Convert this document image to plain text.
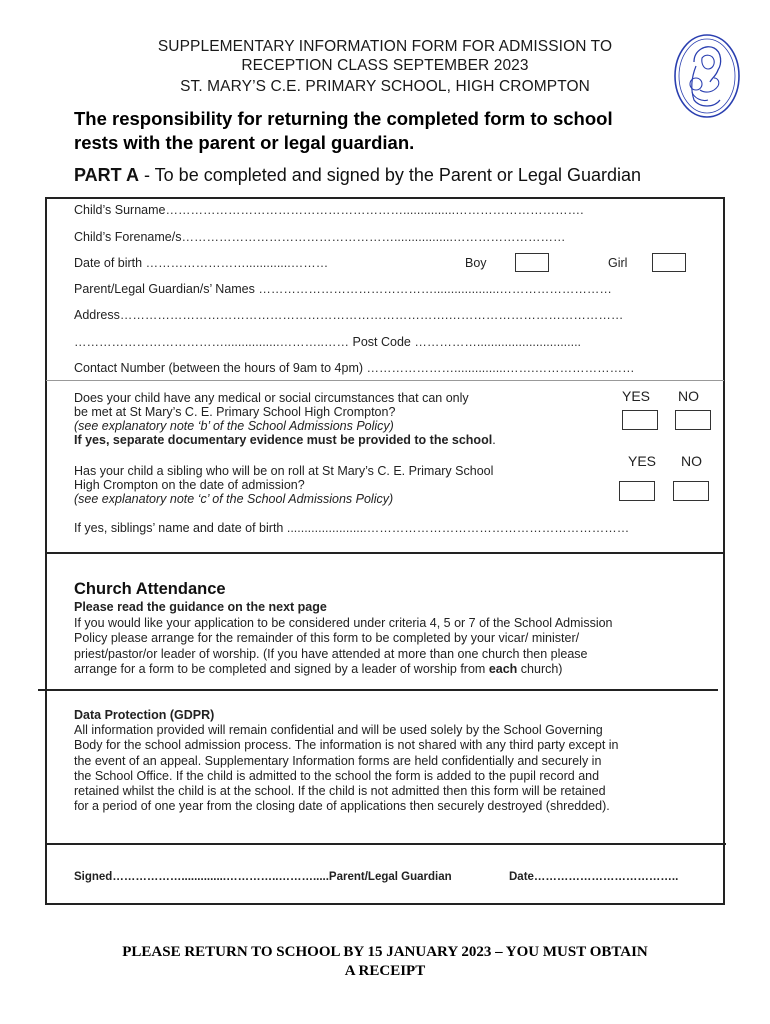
SUPPLEMENTARY INFORMATION FORM FOR ADMISSION TO
RECEPTION CLASS SEPTEMBER 2023
ST. MARY’S C.E. PRIMARY SCHOOL, HIGH CROMPTON
The responsibility for returning the completed form to school
rests with the parent or legal guardian.
PART A - To be completed and signed by the Parent or Legal Guardian
Child’s Surname…………………………………………………...............………………………….
Child’s Forename/s…………………………………………….................………………………
Date of birth …………………….............………	Boy	Girl
Parent/Legal Guardian/s’ Names ……………………………………...................………………………
Address…………………………………………………………………….……………………………………
………………………………................………..…… Post Code ……………..............................
Contact Number (between the hours of 9am to 4pm) …………………...............…….……………………
Does your child have any medical or social circumstances that can only
be met at St Mary’s C. E. Primary School High Crompton?
(see explanatory note ‘b’ of the School Admissions Policy)
If yes, separate documentary evidence must be provided to the school.
YES NO
Has your child a sibling who will be on roll at St Mary’s C. E. Primary School
High Crompton on the date of admission?
(see explanatory note ‘c’ of the School Admissions Policy)
YES NO
If yes, siblings’ name and date of birth .......................………………………………………………………
Church Attendance
Please read the guidance on the next page
If you would like your application to be considered under criteria 4, 5 or 7 of the School Admission
Policy please arrange for the remainder of this form to be completed by your vicar/ minister/
priest/pastor/or leader of worship. (If you have attended at more than one church then please
arrange for a form to be completed and signed by a leader of worship from each church)
Data Protection (GDPR)
All information provided will remain confidential and will be used solely by the School Governing
Body for the school admission process. The information is not shared with any third party except in
the event of an appeal. Supplementary Information forms are held confidentially and securely in
the School Office. If the child is admitted to the school the form is added to the pupil record and
retained whilst the child is at the school. If the child is not admitted then this form will be retained
for a period of one year from the closing date of applications then securely destroyed (shredded).
Signed………………..............…………..……….....Parent/Legal Guardian	Date………………………………..
PLEASE RETURN TO SCHOOL BY 15 JANUARY 2023 – YOU MUST OBTAIN
A RECEIPT
